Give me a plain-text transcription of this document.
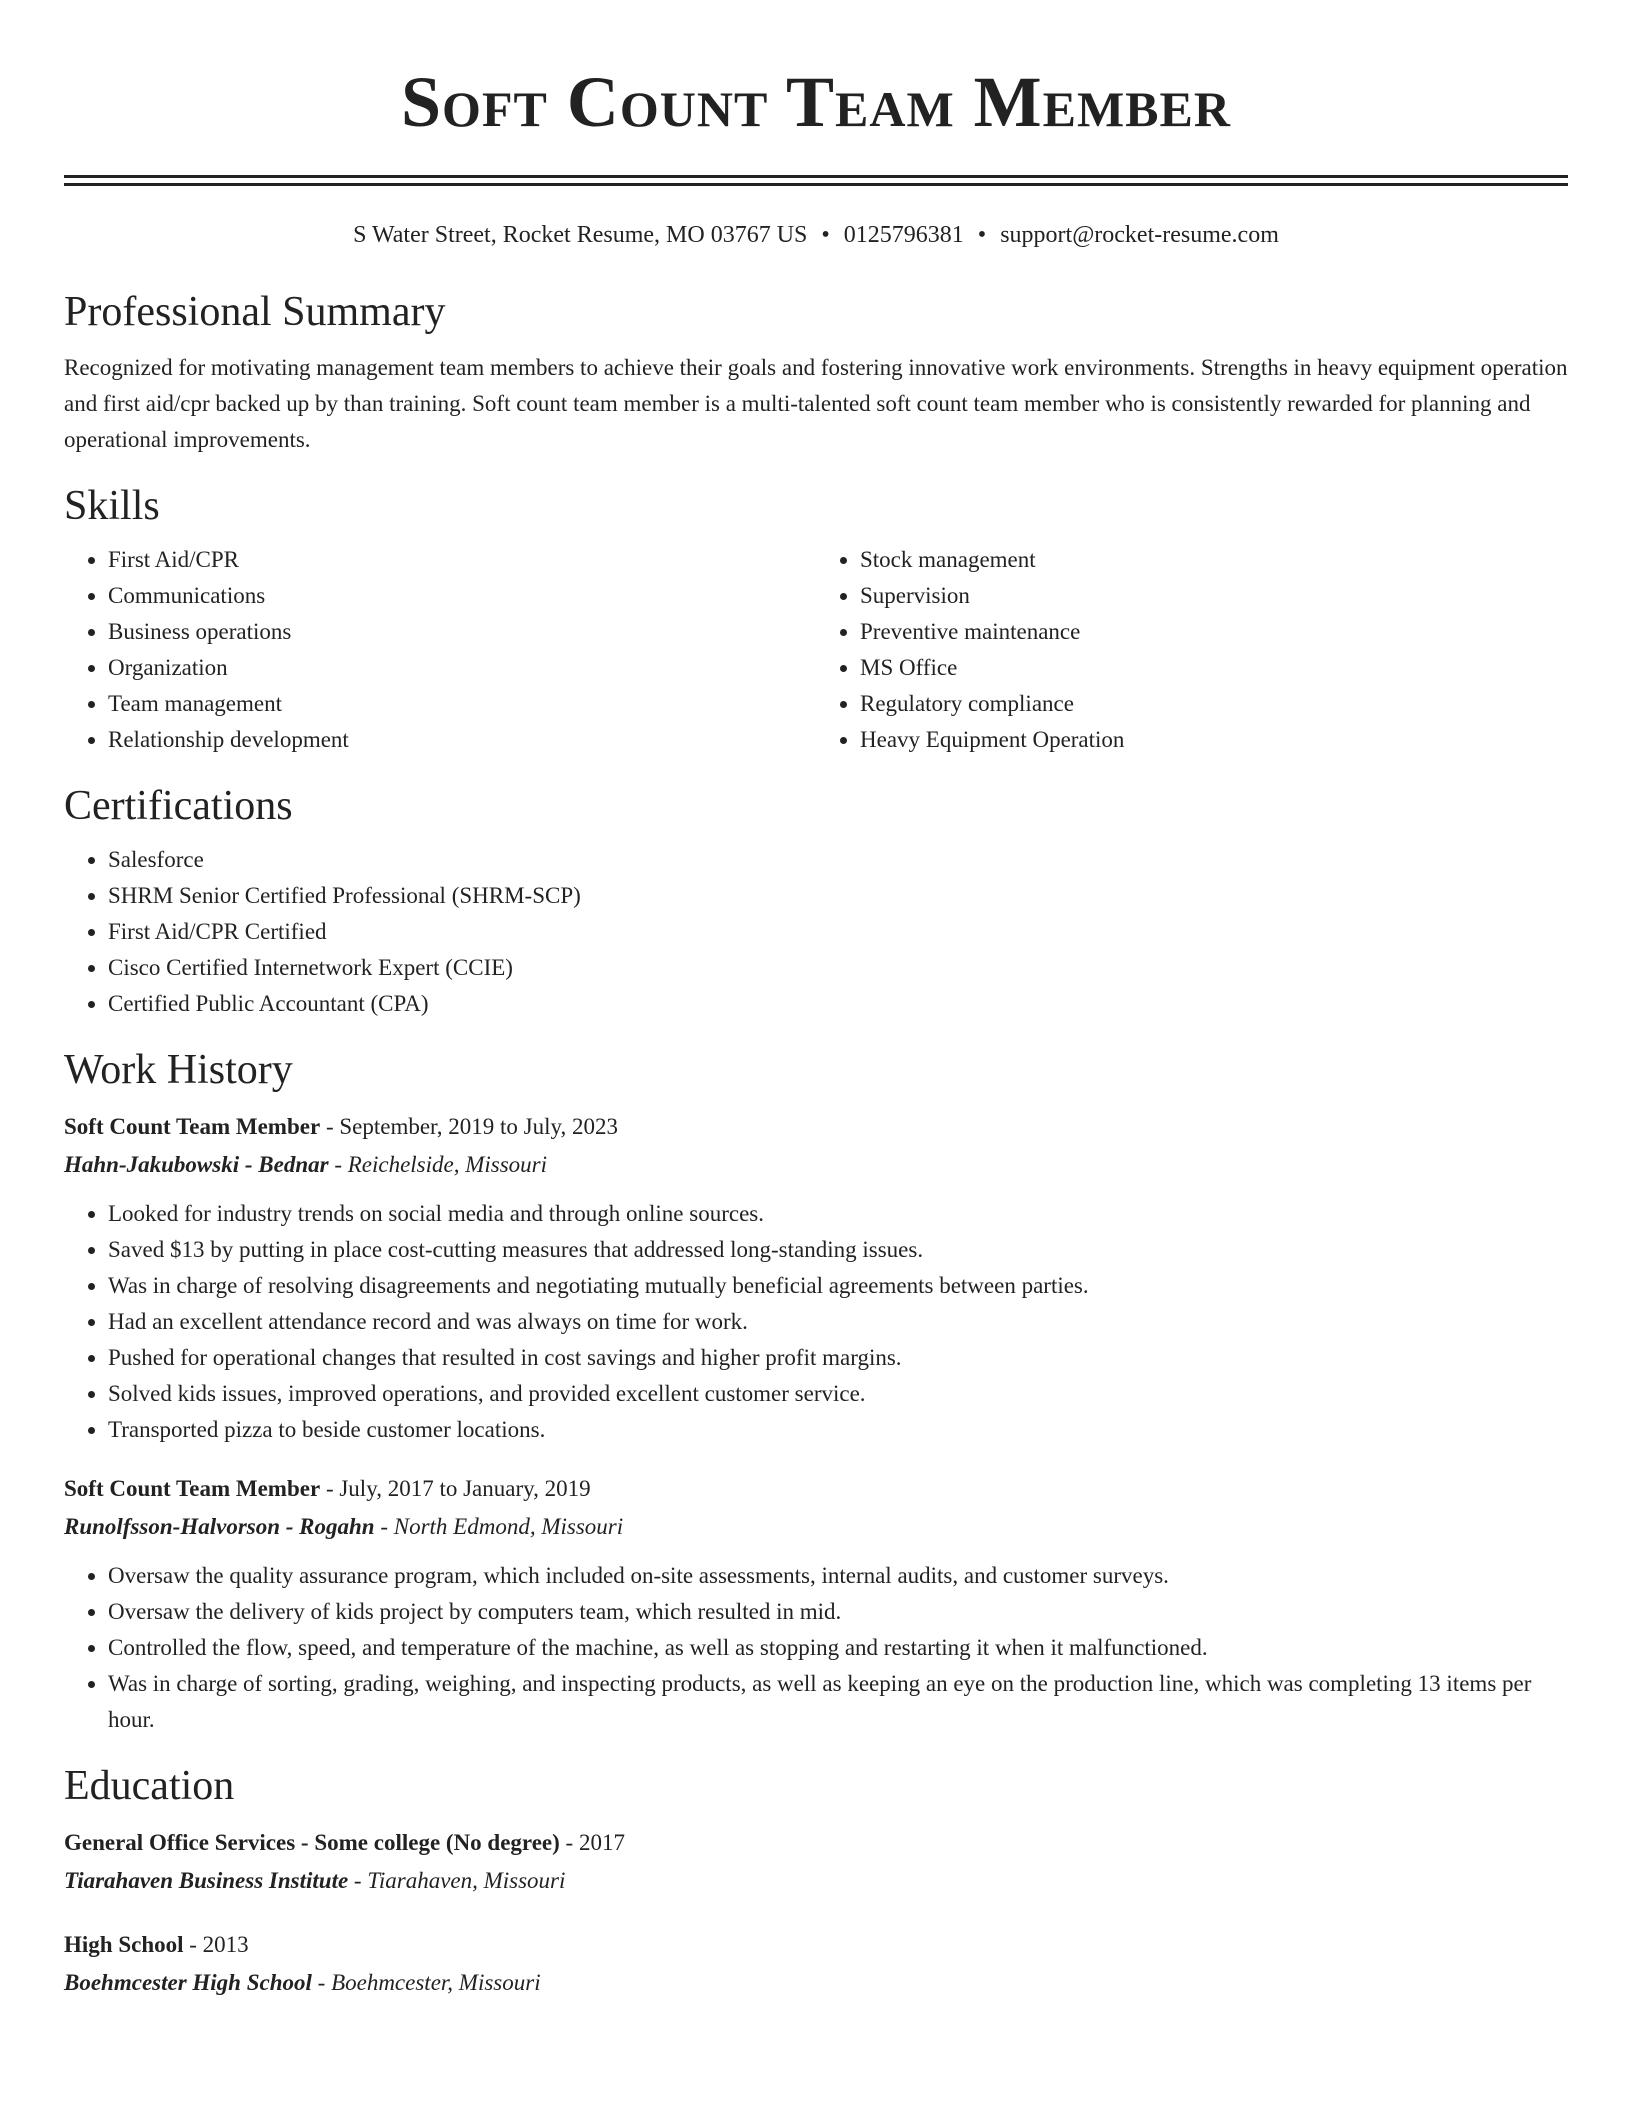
Soft Count Team Member
S Water Street, Rocket Resume, MO 03767 US • 0125796381 • support@rocket-resume.com
Professional Summary
Recognized for motivating management team members to achieve their goals and fostering innovative work environments. Strengths in heavy equipment operation and first aid/cpr backed up by than training. Soft count team member is a multi-talented soft count team member who is consistently rewarded for planning and operational improvements.
Skills
• First Aid/CPR
• Communications
• Business operations
• Organization
• Team management
• Relationship development
• Stock management
• Supervision
• Preventive maintenance
• MS Office
• Regulatory compliance
• Heavy Equipment Operation
Certifications
• Salesforce
• SHRM Senior Certified Professional (SHRM-SCP)
• First Aid/CPR Certified
• Cisco Certified Internetwork Expert (CCIE)
• Certified Public Accountant (CPA)
Work History
Soft Count Team Member - September, 2019 to July, 2023
Hahn-Jakubowski - Bednar - Reichelside, Missouri
• Looked for industry trends on social media and through online sources.
• Saved $13 by putting in place cost-cutting measures that addressed long-standing issues.
• Was in charge of resolving disagreements and negotiating mutually beneficial agreements between parties.
• Had an excellent attendance record and was always on time for work.
• Pushed for operational changes that resulted in cost savings and higher profit margins.
• Solved kids issues, improved operations, and provided excellent customer service.
• Transported pizza to beside customer locations.
Soft Count Team Member - July, 2017 to January, 2019
Runolfsson-Halvorson - Rogahn - North Edmond, Missouri
• Oversaw the quality assurance program, which included on-site assessments, internal audits, and customer surveys.
• Oversaw the delivery of kids project by computers team, which resulted in mid.
• Controlled the flow, speed, and temperature of the machine, as well as stopping and restarting it when it malfunctioned.
• Was in charge of sorting, grading, weighing, and inspecting products, as well as keeping an eye on the production line, which was completing 13 items per hour.
Education
General Office Services - Some college (No degree) - 2017
Tiarahaven Business Institute - Tiarahaven, Missouri
High School - 2013
Boehmcester High School - Boehmcester, Missouri
